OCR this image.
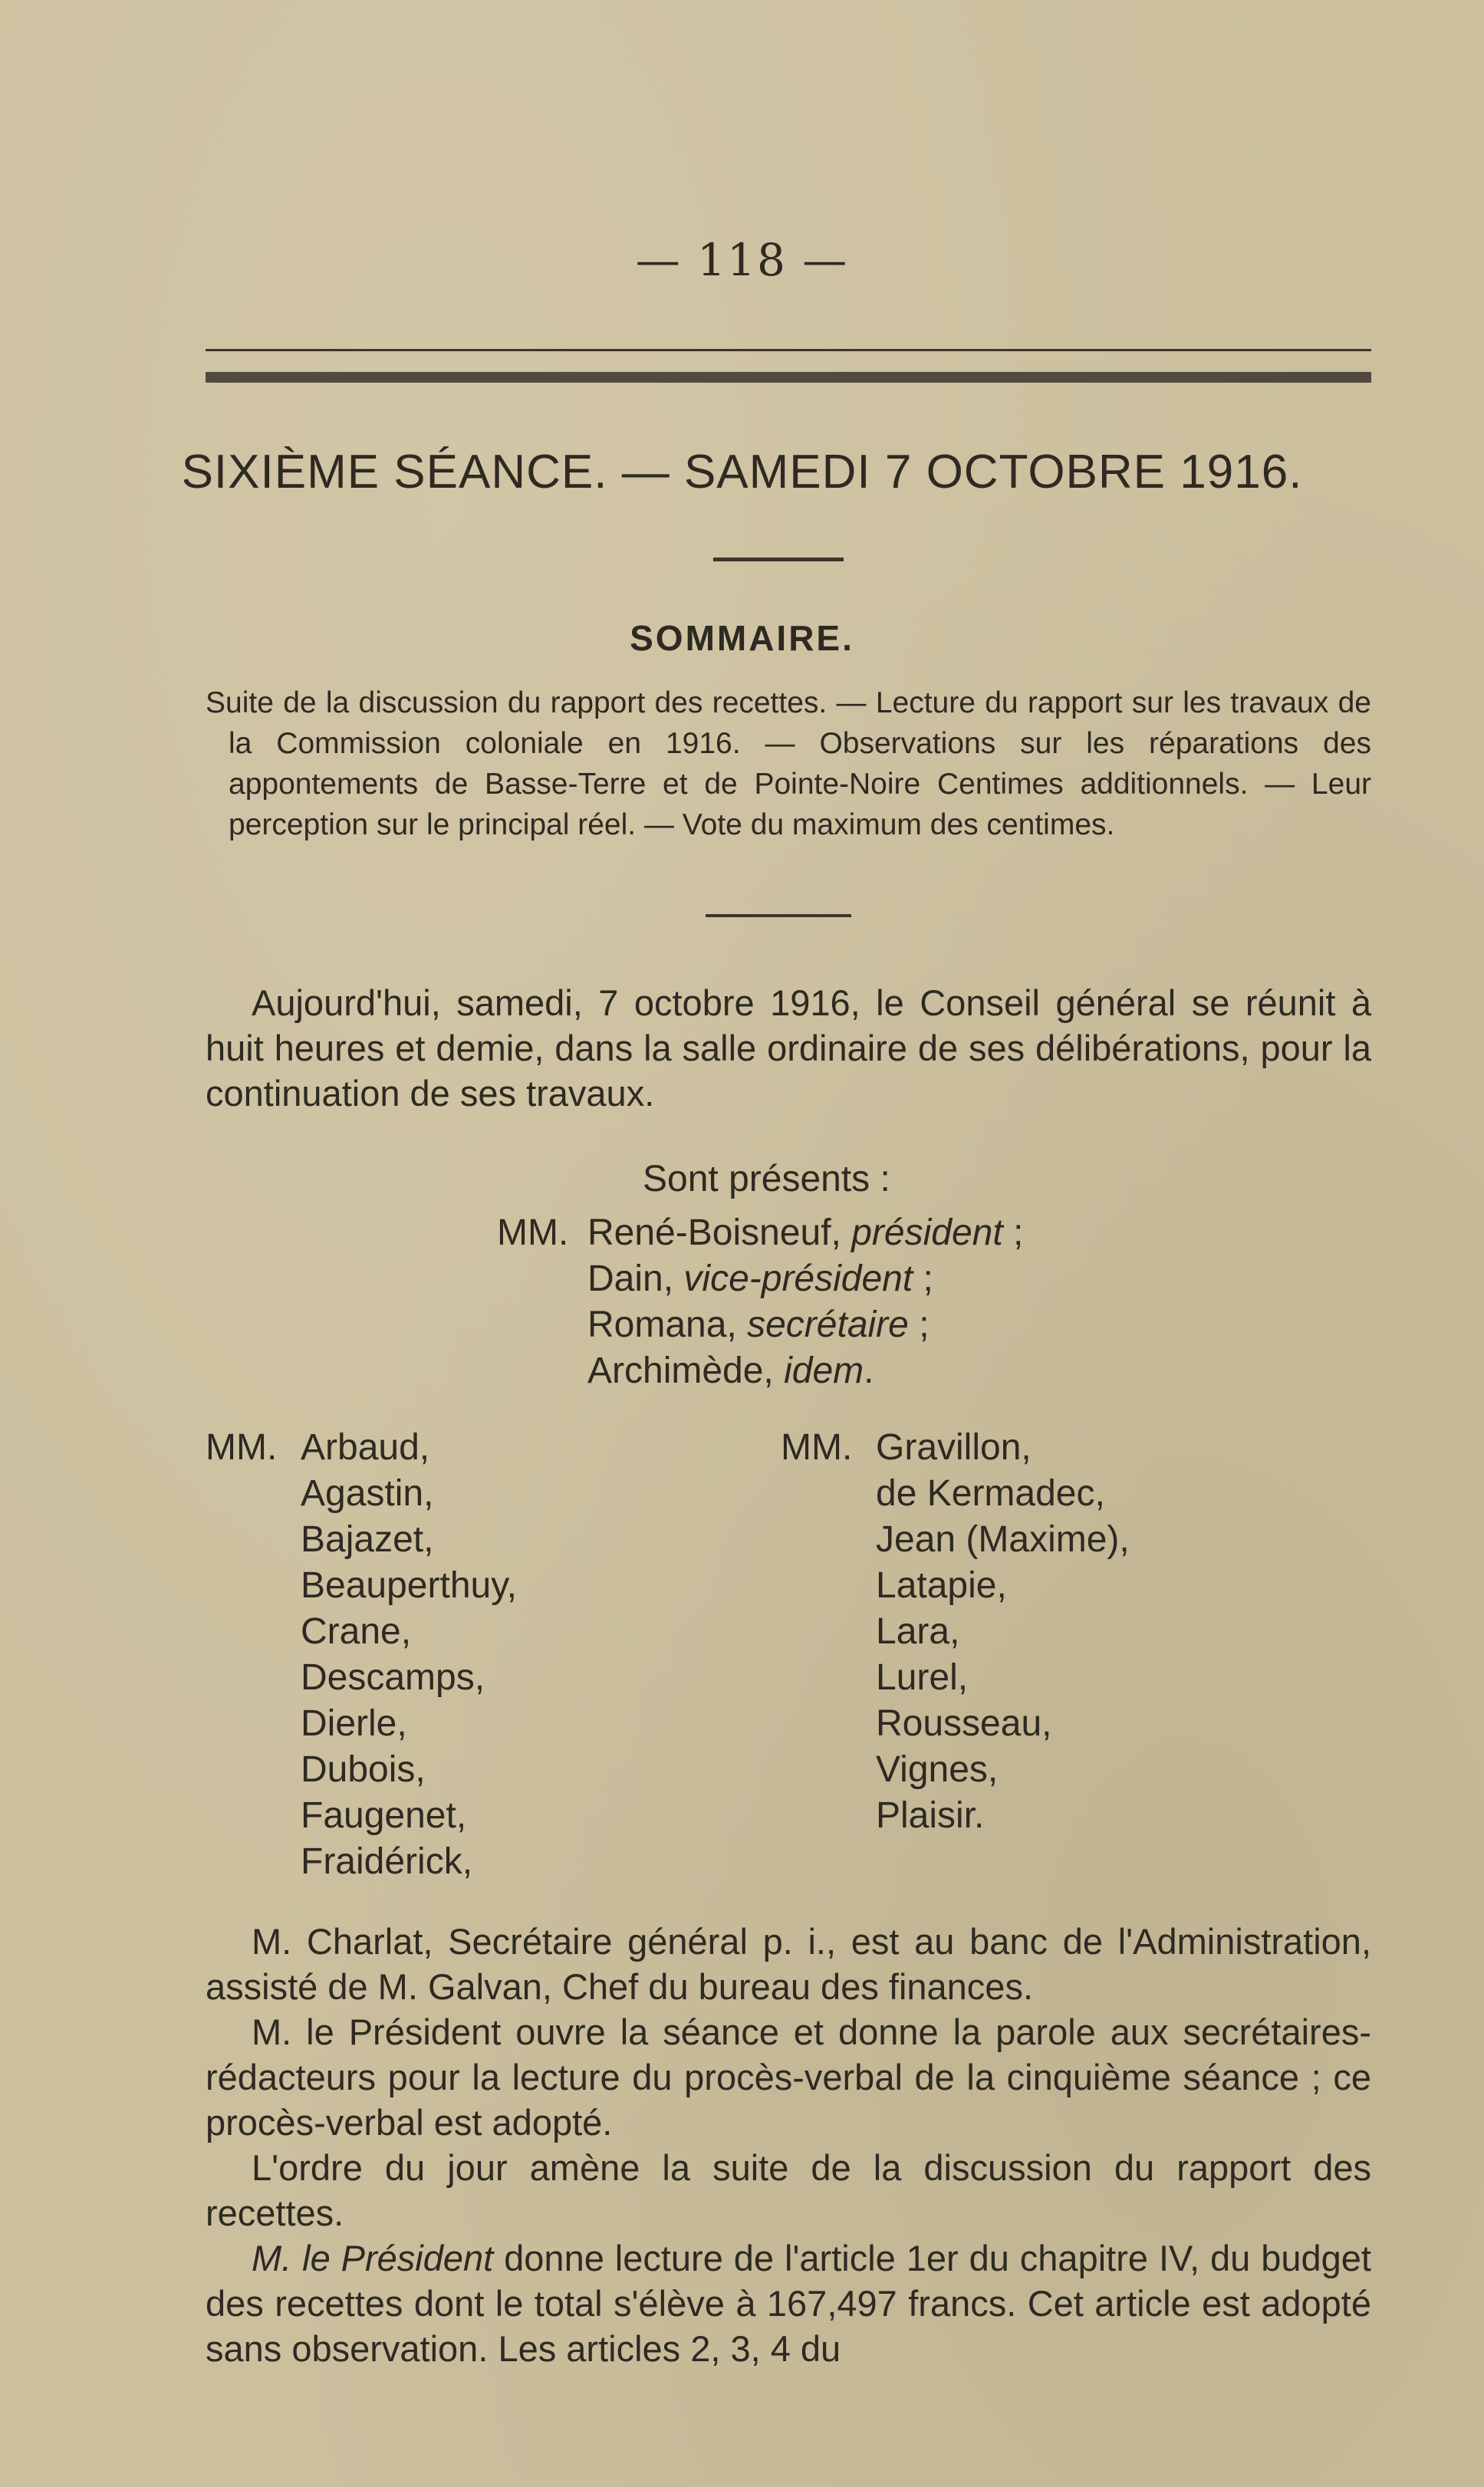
— 118 —
SIXIÈME SÉANCE. — SAMEDI 7 OCTOBRE 1916.
SOMMAIRE.

Suite de la discussion du rapport des recettes. — Lecture du rapport sur les travaux de la Commission coloniale en 1916. — Observations sur les réparations des appontements de Basse-Terre et de Pointe-Noire Centimes additionnels. — Leur perception sur le principal réel. — Vote du maximum des centimes.

Aujourd'hui, samedi, 7 octobre 1916, le Conseil général se réunit à huit heures et demie, dans la salle ordinaire de ses délibérations, pour la continuation de ses travaux.

Sont présents :
MM. René-Boisneuf, président ;
Dain, vice-président ;
Romana, secrétaire ;
Archimède, idem.
MM. Arbaud,
Agastin,
Bajazet,
Beauperthuy,
Crane,
Descamps,
Dierle,
Dubois,
Faugenet,
Fraidérick,
MM. Gravillon,
de Kermadec,
Jean (Maxime),
Latapie,
Lara,
Lurel,
Rousseau,
Vignes,
Plaisir.

M. Charlat, Secrétaire général p. i., est au banc de l'Administration, assisté de M. Galvan, Chef du bureau des finances.

M. le Président ouvre la séance et donne la parole aux secrétaires-rédacteurs pour la lecture du procès-verbal de la cinquième séance ; ce procès-verbal est adopté.

L'ordre du jour amène la suite de la discussion du rapport des recettes.

M. le Président donne lecture de l'article 1er du chapitre IV, du budget des recettes dont le total s'élève à 167,497 francs. Cet article est adopté sans observation. Les articles 2, 3, 4 du
